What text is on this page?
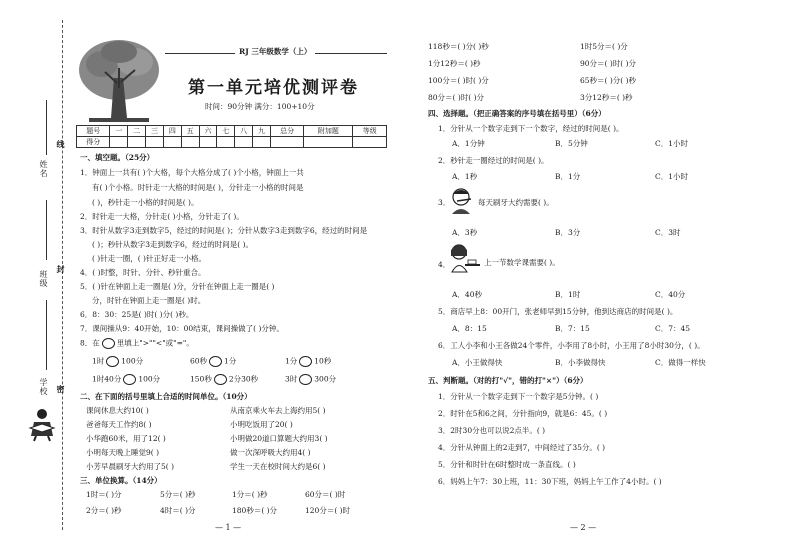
线
封
密
姓名
班级
学校
RJ 三年级数学（上）
第一单元培优测评卷
时间：90分钟 满分：100+10分
题号	一	二	三	四	五	六	七	八	九	总分	附加题	等级
得分												
一、填空题。（25分）
1．钟面上一共有( )个大格，每个大格分成了( )个小格，钟面上一共
有( )个小格。时针走一大格的时间是( )，分针走一小格的时间是
( )，秒针走一小格的时间是( )。
2．时针走一大格，分针走( )小格，分针走了( )。
3．时针从数字3走到数字5，经过的时间是( )；分针从数字3走到数字6，经过的时间是
( )；秒针从数字3走到数字6，经过的时间是( )。
( )针走一圈，( )针正好走一小格。
4．( )时整，时针、分针、秒针重合。
5．( )针在钟面上走一圈是( )分，分针在钟面上走一圈是( )
分，时针在钟面上走一圈是( )时。
6．8：30：25是( )时( )分( )秒。
7．课间操从9：40开始，10：00结束，课间操做了( )分钟。
8．在 里填上">""<"或"="。
1时 100分	60秒 1分	1分 10秒
1时40分 100分	150秒 2分30秒	3时 300分
二、在下面的括号里填上合适的时间单位。（10分）
课间休息大约10( )	从南京乘火车去上海约用5( )
爸爸每天工作约8( )	小明吃饭用了20( )
小华跑60米，用了12( )	小明做20道口算题大约用3( )
小明每天晚上睡觉9( )	做一次深呼吸大约用4( )
小芳早晨刷牙大约用了5( )	学生一天在校时间大约是6( )
三、单位换算。（14分）
1时＝( )分	5分＝( )秒	1分＝( )秒	60分＝( )时
2分＝( )秒	4时＝( )分	180秒＝( )分	120分＝( )时
— 1 —
118秒＝( )分( )秒	1时5分＝( )分
1分12秒＝( )秒	90分＝( )时( )分
100分＝( )时( )分	65秒＝( )分( )秒
80分＝( )时( )分	3分12秒＝( )秒
四、选择题。（把正确答案的序号填在括号里）（6分）
1．分针从一个数字走到下一个数字，经过的时间是( )。
A．1分钟	B．5分钟	C．1小时
2．秒针走一圈经过的时间是( )。
A．1秒	B．1分	C．1小时
3．	每天刷牙大约需要( )。
A．3秒	B．3分	C．3时
4．	上一节数学课需要( )。
A．40秒	B．1时	C．40分
5．商店早上8：00开门，张老师早到15分钟，他到达商店的时间是( )。
A．8：15	B．7：15	C．7：45
6．工人小李和小王各做24个零件，小李用了8小时，小王用了8小时30分，( )。
A．小王做得快	B．小李做得快	C．做得一样快
五、判断题。（对的打"√"，错的打"×"）（6分）
1．分针从一个数字走到下一个数字是5分钟。( )
2．时针在5和6之间，分针指向9，就是6：45。( )
3．2时30分也可以说2点半。( )
4．分针从钟面上的2走到7，中间经过了35分。( )
5．分针和时针在6时整时成一条直线。( )
6．妈妈上午7：30上班，11：30下班，妈妈上午工作了4小时。( )
— 2 —
